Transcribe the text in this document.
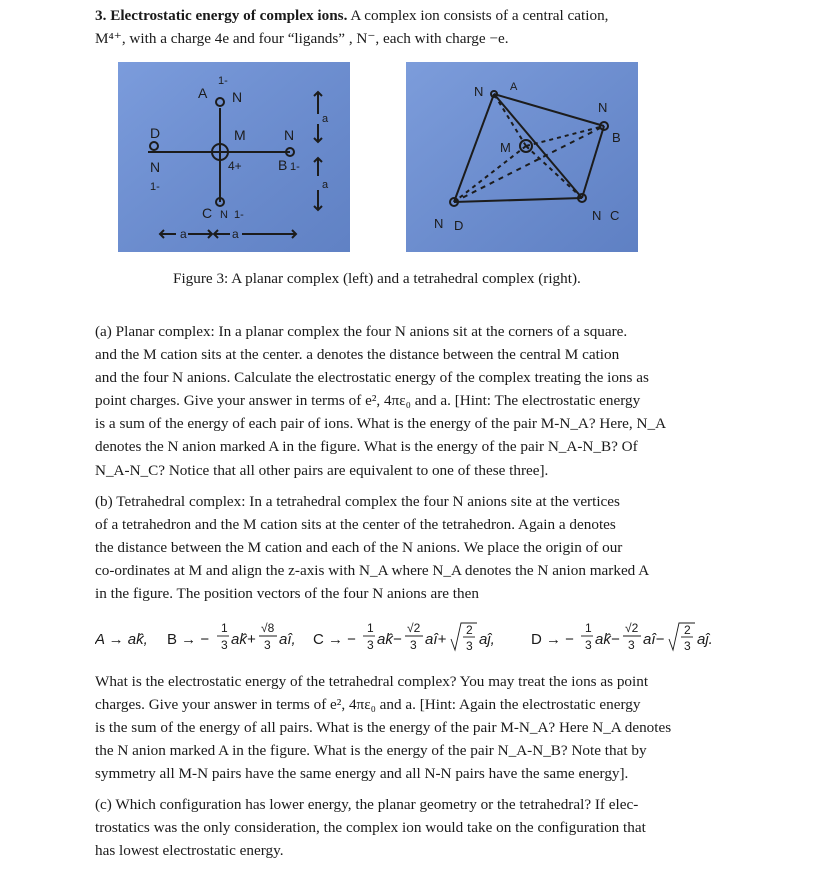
3. Electrostatic energy of complex ions. A complex ion consists of a central cation,
M⁴⁺, with a charge 4e and four “ligands” , N⁻, each with charge −e.
A N
1-
M
4+
N
B 1-
C N 1-
D
N
1-
a	a
a
a
N A
M
N
B
N C
N D
Figure 3: A planar complex (left) and a tetrahedral complex (right).
(a) Planar complex: In a planar complex the four N anions sit at the corners of a square.
and the M cation sits at the center. a denotes the distance between the central M cation
and the four N anions. Calculate the electrostatic energy of the complex treating the ions as
point charges. Give your answer in terms of e², 4πε₀ and a. [Hint: The electrostatic energy
is a sum of the energy of each pair of ions. What is the energy of the pair M-N_A? Here, N_A
denotes the N anion marked A in the figure. What is the energy of the pair N_A-N_B? Of
N_A-N_C? Notice that all other pairs are equivalent to one of these three].
(b) Tetrahedral complex: In a tetrahedral complex the four N anions site at the vertices
of a tetrahedron and the M cation sits at the center of the tetrahedron. Again a denotes
the distance between the M cation and each of the N anions. We place the origin of our
co-ordinates at M and align the z-axis with N_A where N_A denotes the N anion marked A
in the figure. The position vectors of the four N anions are then
A → ak̂, B → −
1
3 ak̂+
√8
3 aî, C → −
1
3 ak̂−
√2
3 aî+
2
3 aĵ, D → −
1
3 ak̂−
√2
3 aî−
2
3 aĵ.
What is the electrostatic energy of the tetrahedral complex? You may treat the ions as point
charges. Give your answer in terms of e², 4πε₀ and a. [Hint: Again the electrostatic energy
is the sum of the energy of all pairs. What is the energy of the pair M-N_A? Here N_A denotes
the N anion marked A in the figure. What is the energy of the pair N_A-N_B? Note that by
symmetry all M-N pairs have the same energy and all N-N pairs have the same energy].
(c) Which configuration has lower energy, the planar geometry or the tetrahedral? If elec-
trostatics was the only consideration, the complex ion would take on the configuration that
has lowest electrostatic energy.
